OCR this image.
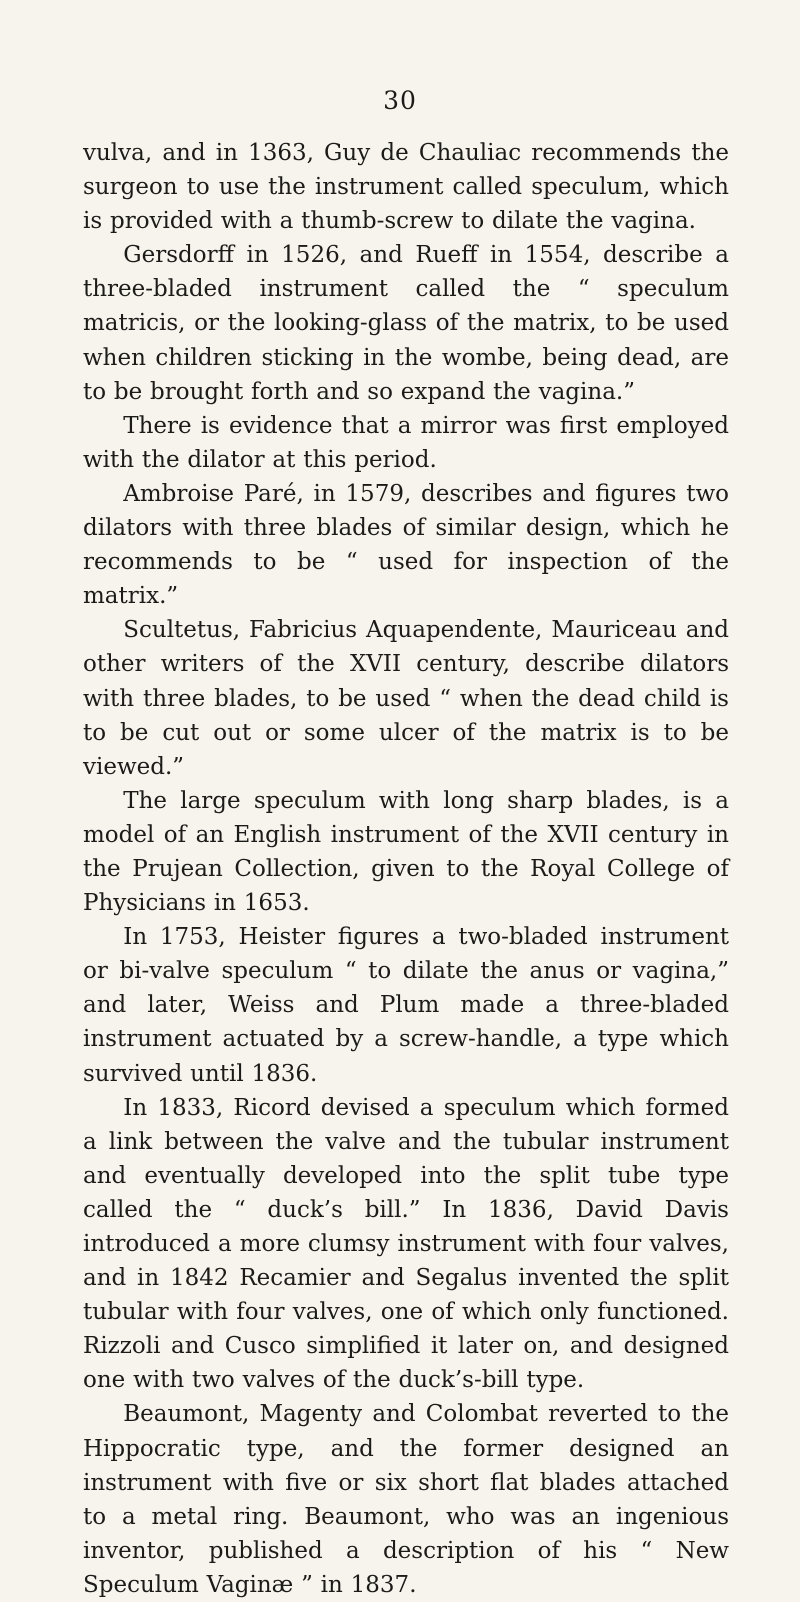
30

vulva, and in 1363, Guy de Chauliac recommends the surgeon to use the instrument called speculum, which is provided with a thumb-screw to dilate the vagina.

Gersdorff in 1526, and Rueff in 1554, describe a three-bladed instrument called the “ speculum matricis, or the looking-glass of the matrix, to be used when children sticking in the wombe, being dead, are to be brought forth and so expand the vagina.”

There is evidence that a mirror was first employed with the dilator at this period.

Ambroise Paré, in 1579, describes and figures two dilators with three blades of similar design, which he recommends to be “ used for inspection of the matrix.”

Scultetus, Fabricius Aquapendente, Mauriceau and other writers of the XVII century, describe dilators with three blades, to be used “ when the dead child is to be cut out or some ulcer of the matrix is to be viewed.”

The large speculum with long sharp blades, is a model of an English instrument of the XVII century in the Prujean Collection, given to the Royal College of Physicians in 1653.

In 1753, Heister figures a two-bladed instrument or bi-valve speculum “ to dilate the anus or vagina,” and later, Weiss and Plum made a three-bladed instrument actuated by a screw-handle, a type which survived until 1836.

In 1833, Ricord devised a speculum which formed a link between the valve and the tubular instrument and eventually developed into the split tube type called the “ duck’s bill.” In 1836, David Davis introduced a more clumsy instrument with four valves, and in 1842 Recamier and Segalus invented the split tubular with four valves, one of which only functioned. Rizzoli and Cusco simplified it later on, and designed one with two valves of the duck’s-bill type.

Beaumont, Magenty and Colombat reverted to the Hippocratic type, and the former designed an instrument with five or six short flat blades attached to a metal ring. Beaumont, who was an ingenious inventor, published a description of his “ New Speculum Vaginæ ” in 1837.
